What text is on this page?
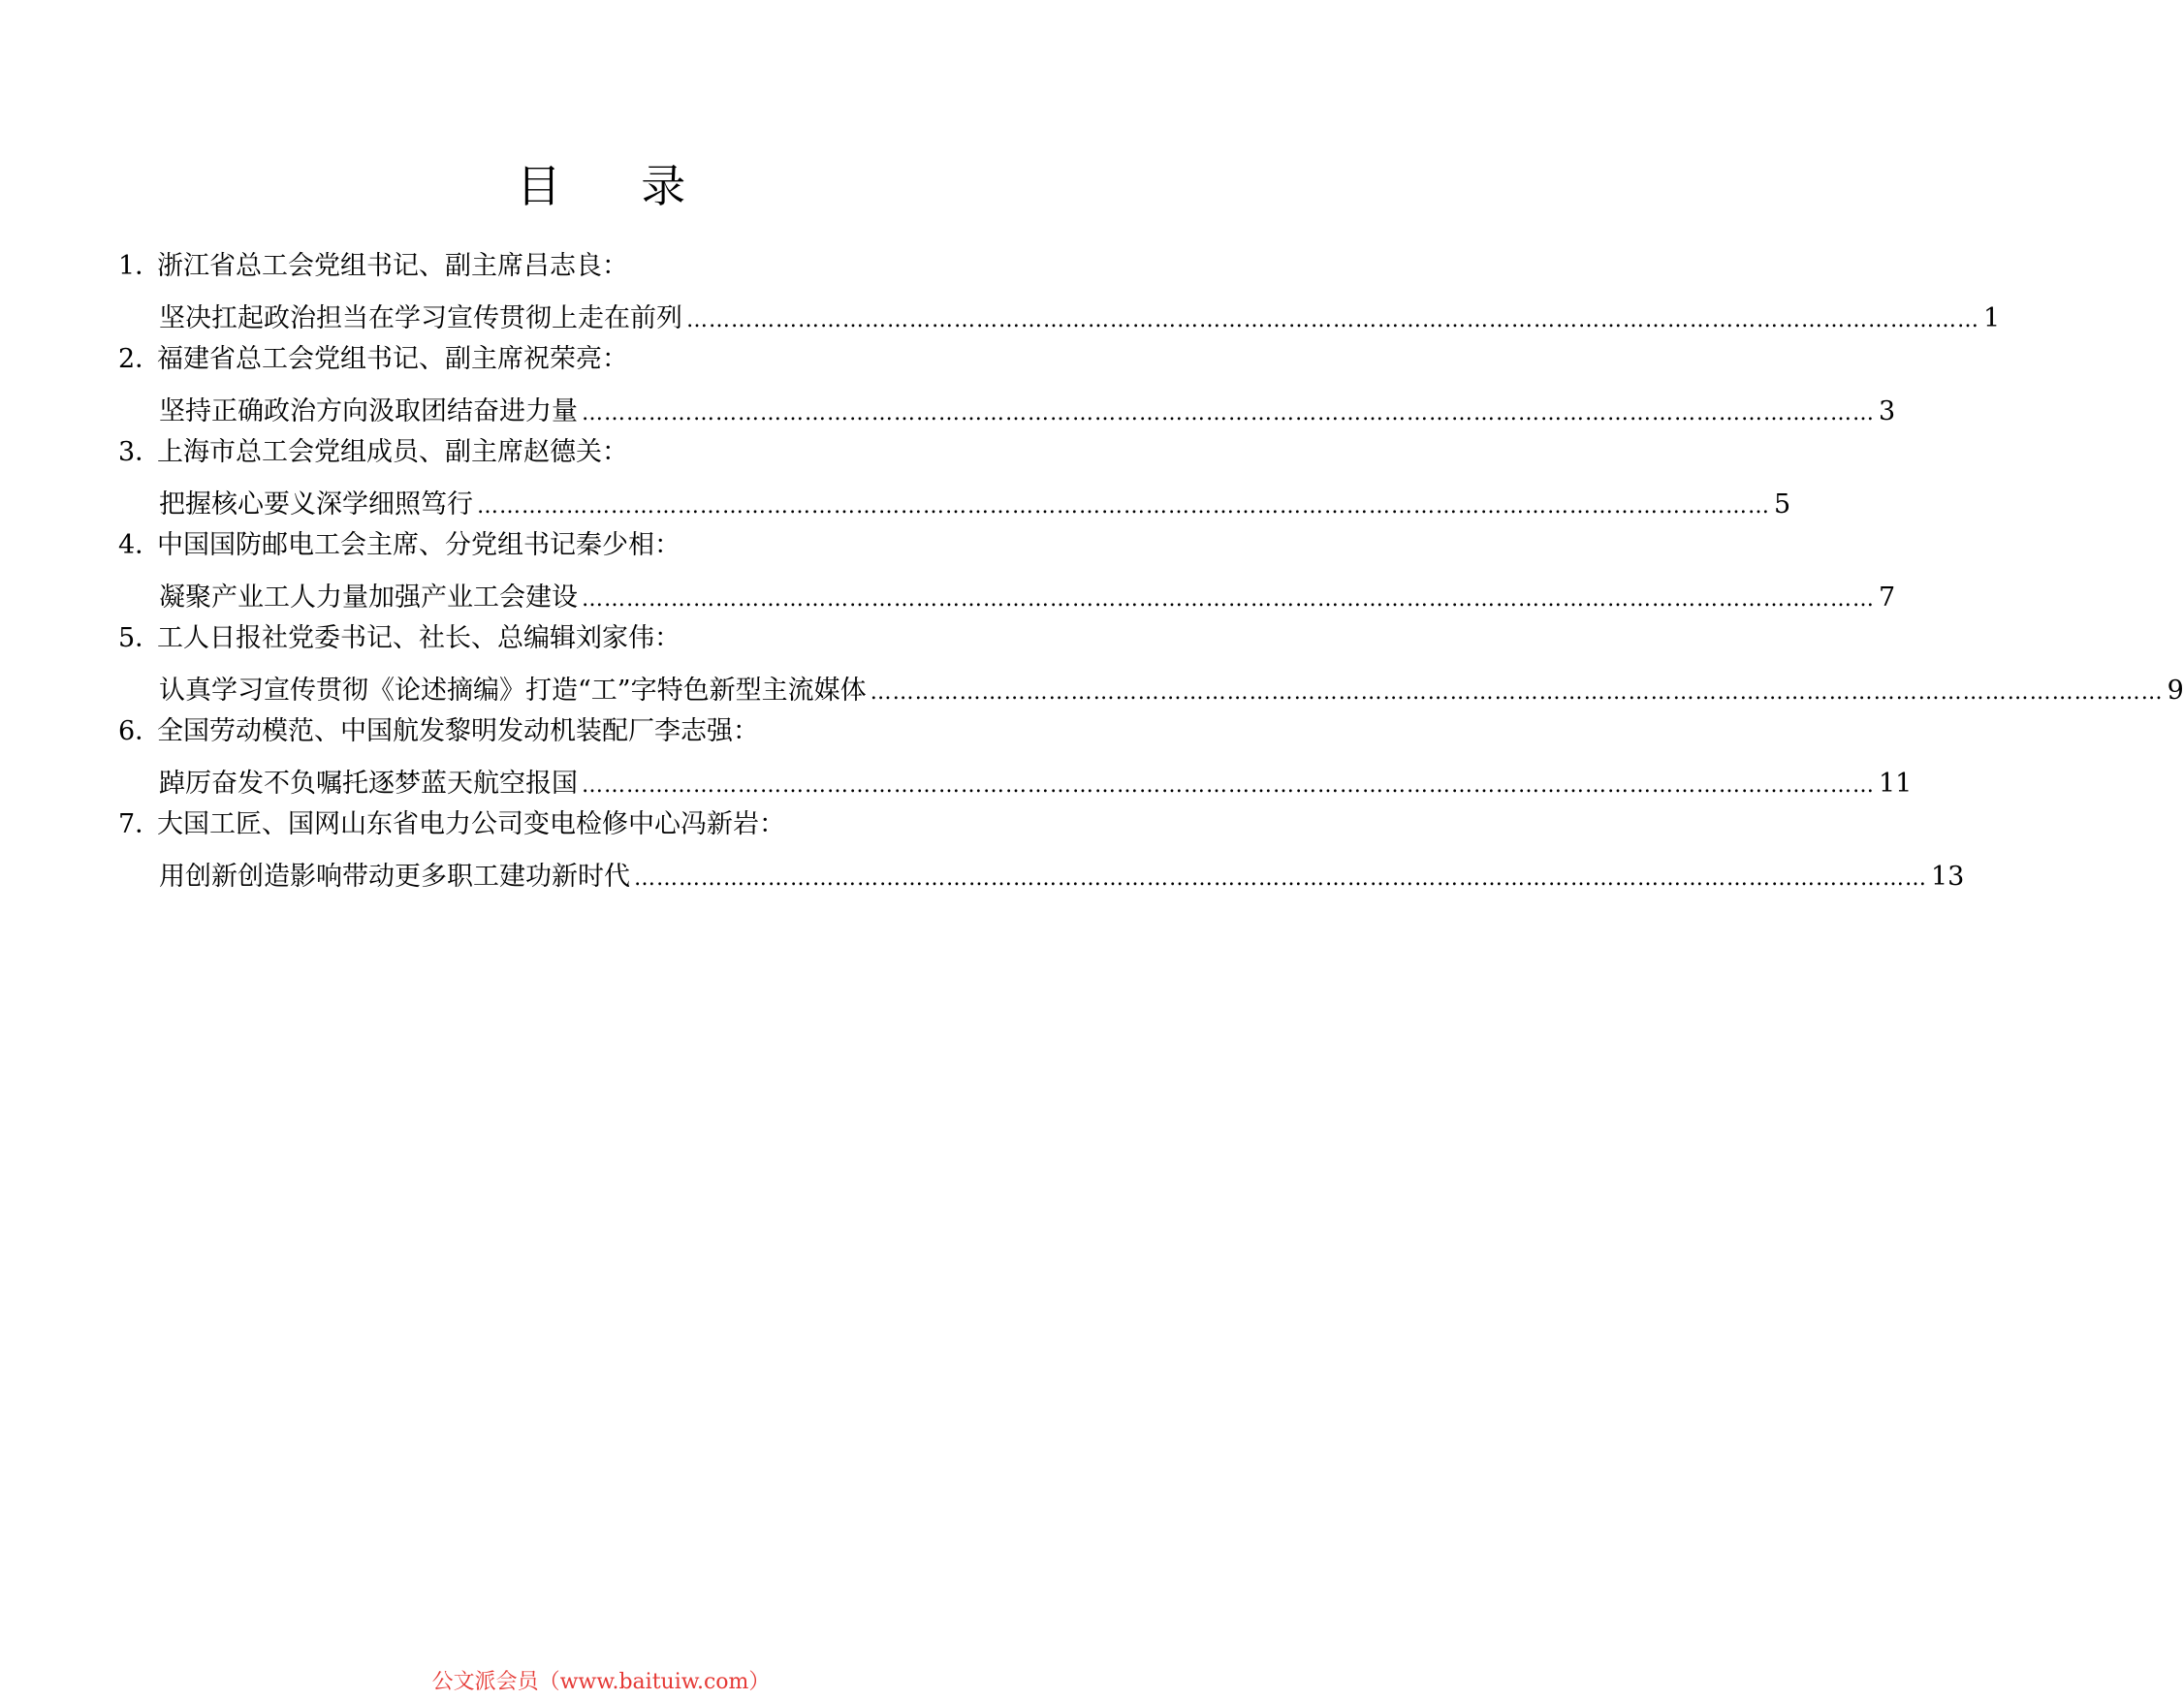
目 录
1．浙江省总工会党组书记、副主席吕志良：
坚决扛起政治担当在学习宣传贯彻上走在前列 ………………………………………………………………………………………………………………………………………………………… 1
2．福建省总工会党组书记、副主席祝荣亮：
坚持正确政治方向汲取团结奋进力量 ………………………………………………………………………………………………………………………………………………………… 3
3．上海市总工会党组成员、副主席赵德关：
把握核心要义深学细照笃行 ………………………………………………………………………………………………………………………………………………………… 5
4．中国国防邮电工会主席、分党组书记秦少相：
凝聚产业工人力量加强产业工会建设 ………………………………………………………………………………………………………………………………………………………… 7
5．工人日报社党委书记、社长、总编辑刘家伟：
认真学习宣传贯彻《论述摘编》打造“工”字特色新型主流媒体 ………………………………………………………………………………………………………………………………………………………… 9
6．全国劳动模范、中国航发黎明发动机装配厂李志强：
踔厉奋发不负嘱托逐梦蓝天航空报国 ………………………………………………………………………………………………………………………………………………………… 11
7．大国工匠、国网山东省电力公司变电检修中心冯新岩：
用创新创造影响带动更多职工建功新时代 ………………………………………………………………………………………………………………………………………………………… 13
公文派会员（www.baituiw.com）
